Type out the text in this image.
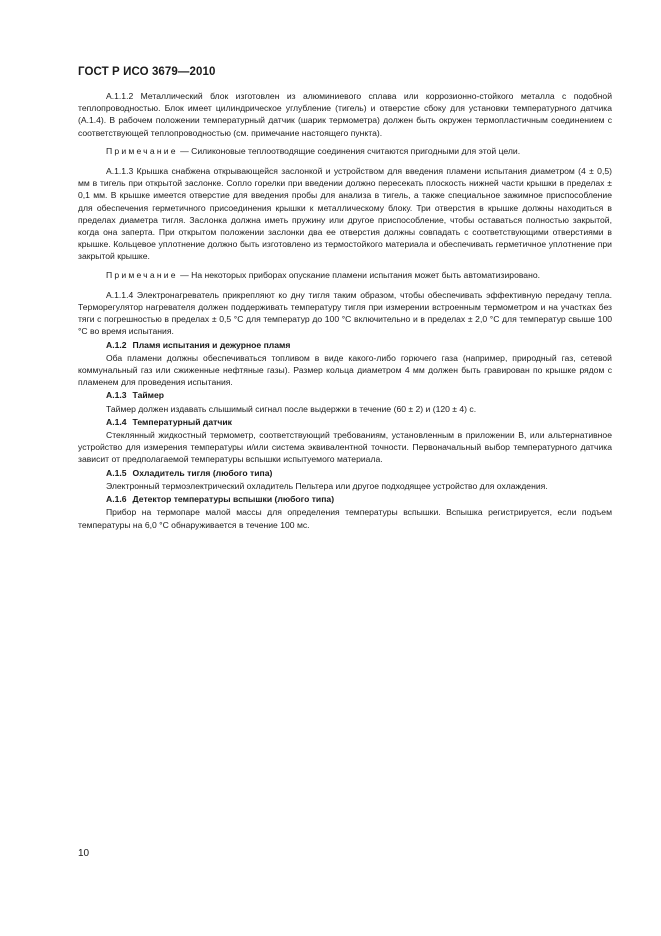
ГОСТ Р ИСО 3679—2010

А.1.1.2 Металлический блок изготовлен из алюминиевого сплава или коррозионно-стойкого металла с подобной теплопроводностью. Блок имеет цилиндрическое углубление (тигель) и отверстие сбоку для установки температурного датчика (А.1.4). В рабочем положении температурный датчик (шарик термометра) должен быть окружен термопластичным соединением с соответствующей теплопроводностью (см. примечание настоящего пункта).

Примечание — Силиконовые теплоотводящие соединения считаются пригодными для этой цели.

А.1.1.3 Крышка снабжена открывающейся заслонкой и устройством для введения пламени испытания диаметром (4 ± 0,5) мм в тигель при открытой заслонке. Сопло горелки при введении должно пересекать плоскость нижней части крышки в пределах ± 0,1 мм. В крышке имеется отверстие для введения пробы для анализа в тигель, а также специальное зажимное приспособление для обеспечения герметичного присоединения крышки к металлическому блоку. Три отверстия в крышке должны находиться в пределах диаметра тигля. Заслонка должна иметь пружину или другое приспособление, чтобы оставаться полностью закрытой, когда она заперта. При открытом положении заслонки два ее отверстия должны совпадать с соответствующими отверстиями в крышке. Кольцевое уплотнение должно быть изготовлено из термостойкого материала и обеспечивать герметичное уплотнение при закрытой крышке.

Примечание — На некоторых приборах опускание пламени испытания может быть автоматизировано.

А.1.1.4 Электронагреватель прикрепляют ко дну тигля таким образом, чтобы обеспечивать эффективную передачу тепла. Терморегулятор нагревателя должен поддерживать температуру тигля при измерении встроенным термометром и на участках без тяги с погрешностью в пределах ± 0,5 °С для температур до 100 °С включительно и в пределах ± 2,0 °С для температур свыше 100 °С во время испытания.

А.1.2 Пламя испытания и дежурное пламя

Оба пламени должны обеспечиваться топливом в виде какого-либо горючего газа (например, природный газ, сетевой коммунальный газ или сжиженные нефтяные газы). Размер кольца диаметром 4 мм должен быть гравирован по крышке рядом с пламенем для проведения испытания.

А.1.3 Таймер

Таймер должен издавать слышимый сигнал после выдержки в течение (60 ± 2) и (120 ± 4) с.

А.1.4 Температурный датчик

Стеклянный жидкостный термометр, соответствующий требованиям, установленным в приложении В, или альтернативное устройство для измерения температуры и/или система эквивалентной точности. Первоначальный выбор температурного датчика зависит от предполагаемой температуры вспышки испытуемого материала.

А.1.5 Охладитель тигля (любого типа)

Электронный термоэлектрический охладитель Пельтера или другое подходящее устройство для охлаждения.

А.1.6 Детектор температуры вспышки (любого типа)

Прибор на термопаре малой массы для определения температуры вспышки. Вспышка регистрируется, если подъем температуры на 6,0 °С обнаруживается в течение 100 мс.

10
